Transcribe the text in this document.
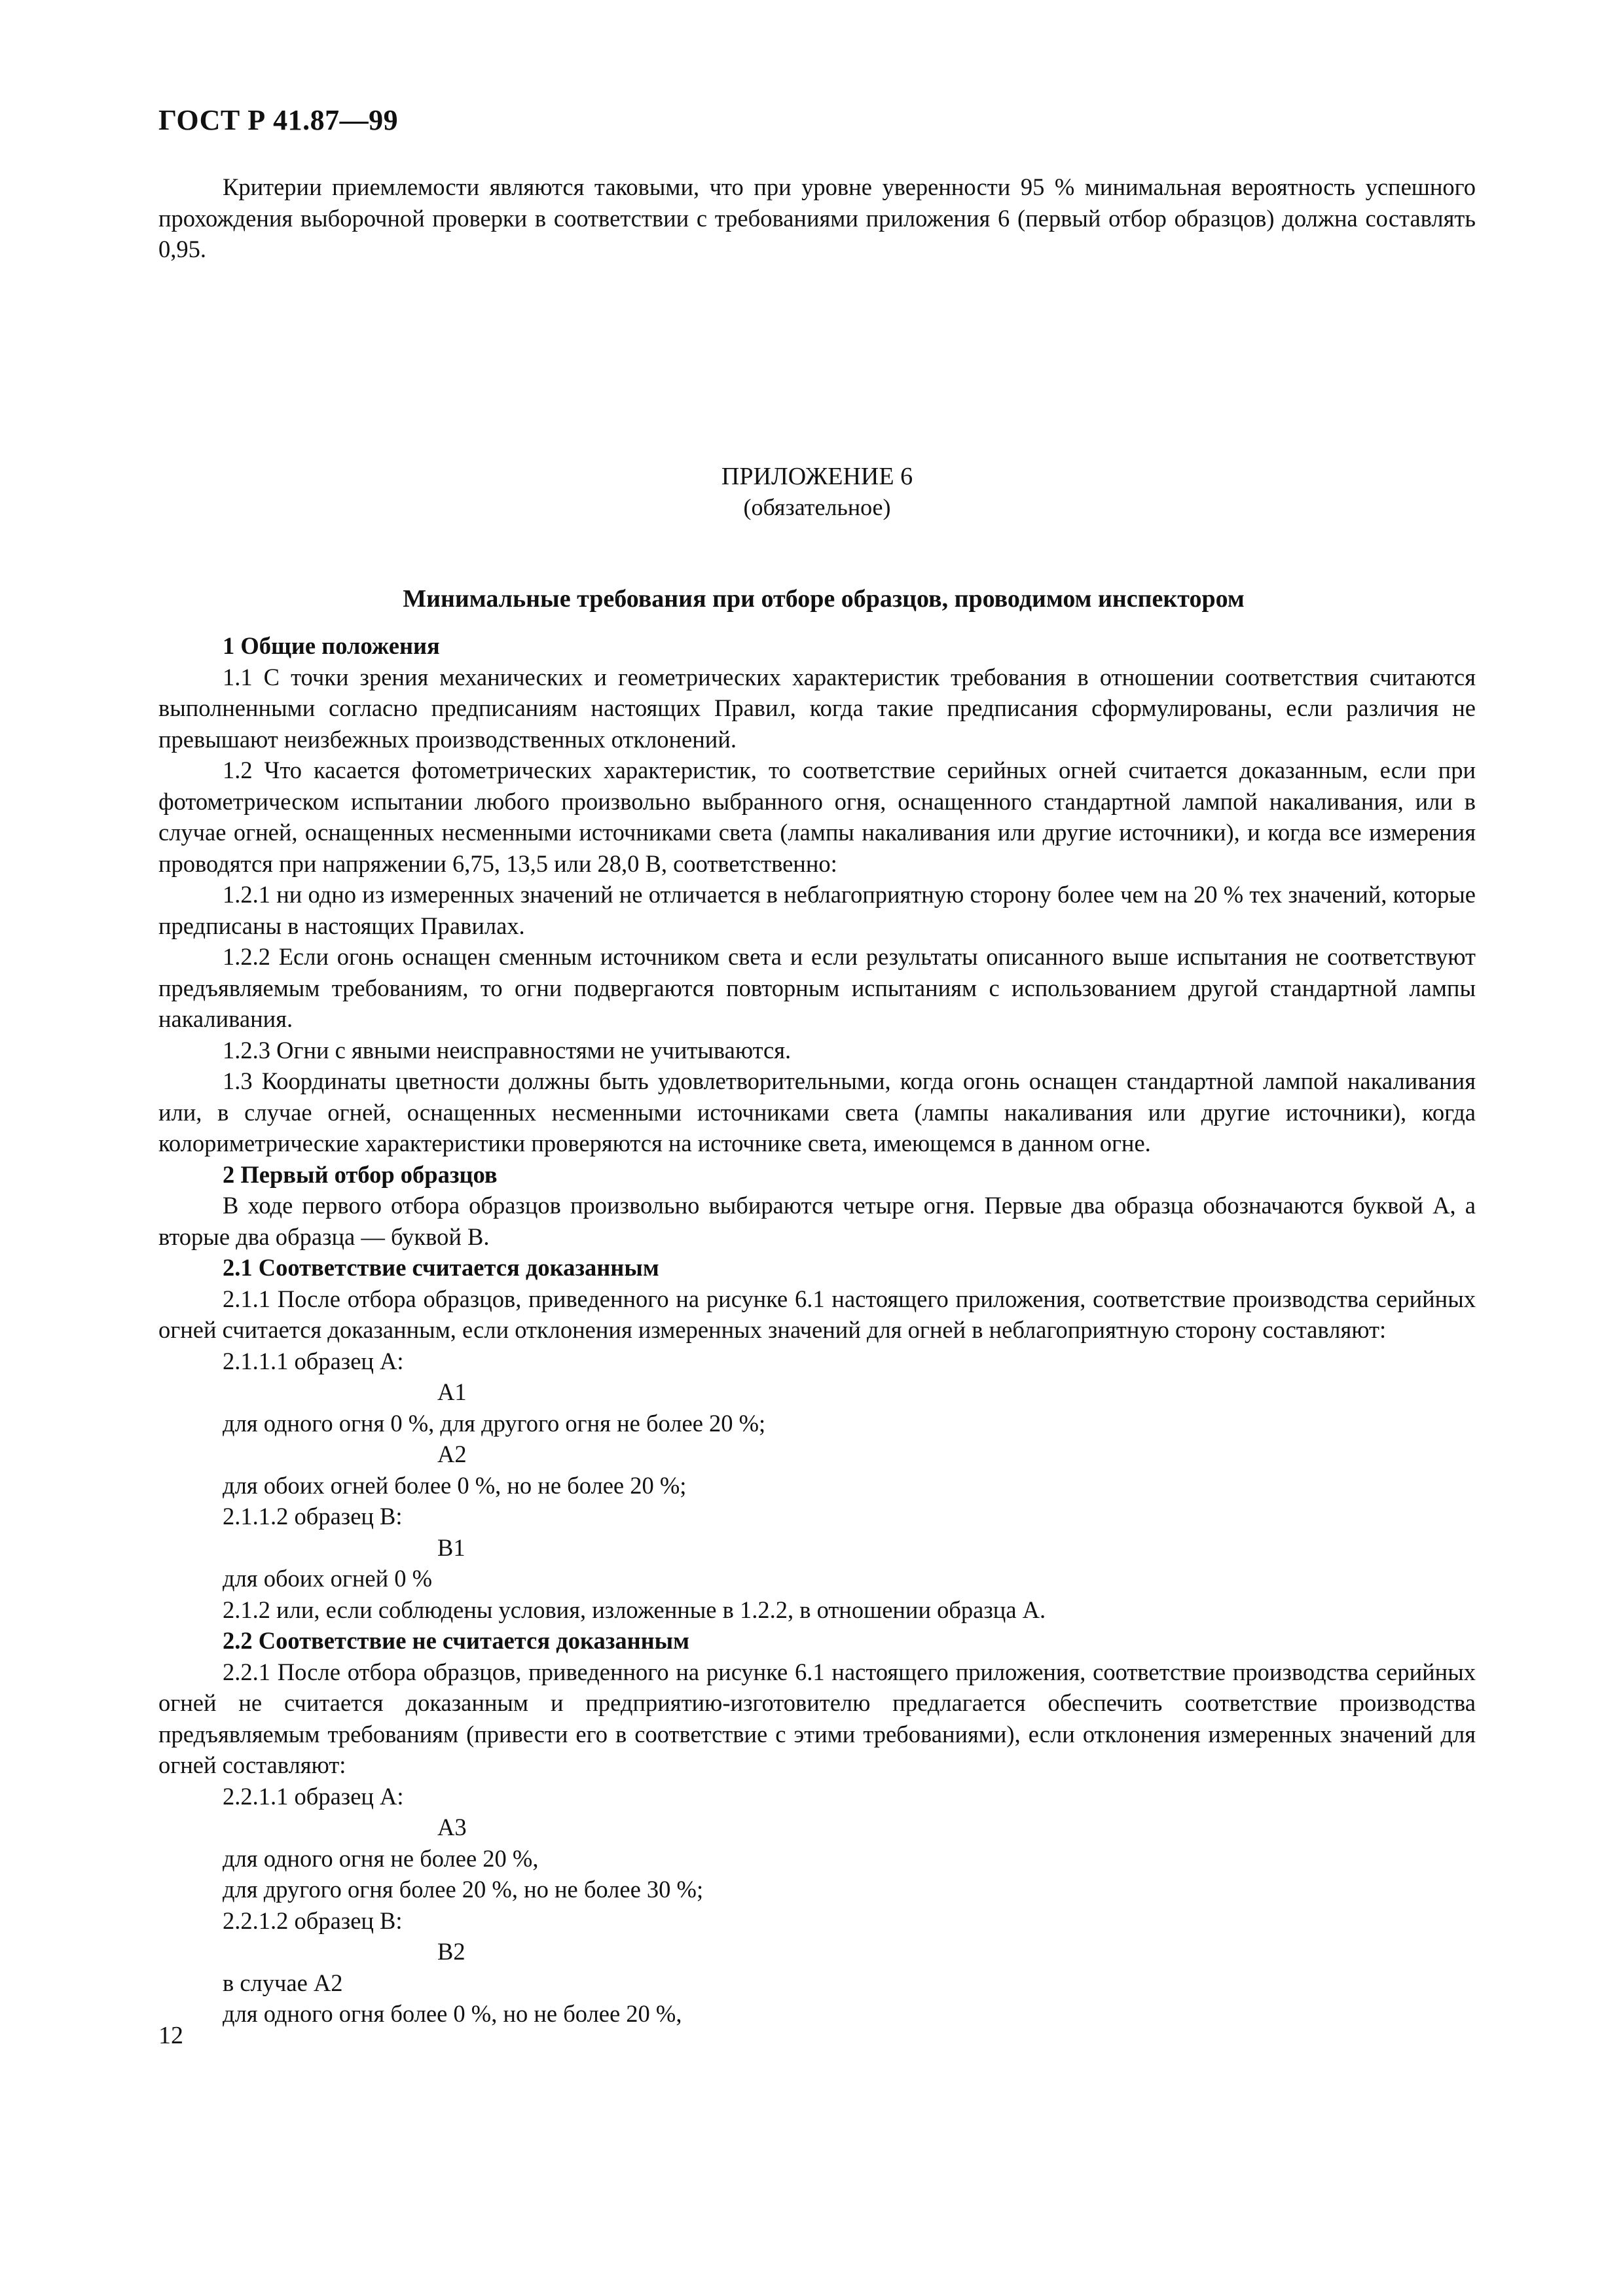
ГОСТ Р 41.87—99

Критерии приемлемости являются таковыми, что при уровне уверенности 95 % минимальная вероятность успешного прохождения выборочной проверки в соответствии с требованиями приложения 6 (первый отбор образцов) должна составлять 0,95.

ПРИЛОЖЕНИЕ 6

(обязательное)

Минимальные требования при отборе образцов, проводимом инспектором

1 Общие положения

1.1 С точки зрения механических и геометрических характеристик требования в отношении соответствия считаются выполненными согласно предписаниям настоящих Правил, когда такие предписания сформулированы, если различия не превышают неизбежных производственных отклонений.

1.2 Что касается фотометрических характеристик, то соответствие серийных огней считается доказанным, если при фотометрическом испытании любого произвольно выбранного огня, оснащенного стандартной лампой накаливания, или в случае огней, оснащенных несменными источниками света (лампы накаливания или другие источники), и когда все измерения проводятся при напряжении 6,75, 13,5 или 28,0 В, соответственно:

1.2.1 ни одно из измеренных значений не отличается в неблагоприятную сторону более чем на 20 % тех значений, которые предписаны в настоящих Правилах.

1.2.2 Если огонь оснащен сменным источником света и если результаты описанного выше испытания не соответствуют предъявляемым требованиям, то огни подвергаются повторным испытаниям с использованием другой стандартной лампы накаливания.

1.2.3 Огни с явными неисправностями не учитываются.

1.3 Координаты цветности должны быть удовлетворительными, когда огонь оснащен стандартной лампой накаливания или, в случае огней, оснащенных несменными источниками света (лампы накаливания или другие источники), когда колориметрические характеристики проверяются на источнике света, имеющемся в данном огне.

2 Первый отбор образцов

В ходе первого отбора образцов произвольно выбираются четыре огня. Первые два образца обозначаются буквой А, а вторые два образца — буквой В.

2.1 Соответствие считается доказанным

2.1.1 После отбора образцов, приведенного на рисунке 6.1 настоящего приложения, соответствие производства серийных огней считается доказанным, если отклонения измеренных значений для огней в неблагоприятную сторону составляют:

2.1.1.1 образец А:

А1

для одного огня 0 %, для другого огня не более 20 %;

А2

для обоих огней более 0 %, но не более 20 %;

2.1.1.2 образец В:

В1

для обоих огней 0 %

2.1.2 или, если соблюдены условия, изложенные в 1.2.2, в отношении образца А.

2.2 Соответствие не считается доказанным

2.2.1 После отбора образцов, приведенного на рисунке 6.1 настоящего приложения, соответствие производства серийных огней не считается доказанным и предприятию-изготовителю предлагается обеспечить соответствие производства предъявляемым требованиям (привести его в соответствие с этими требованиями), если отклонения измеренных значений для огней составляют:

2.2.1.1 образец А:

А3

для одного огня не более 20 %,

для другого огня более 20 %, но не более 30 %;

2.2.1.2 образец В:

В2

в случае А2

для одного огня более 0 %, но не более 20 %,

12
